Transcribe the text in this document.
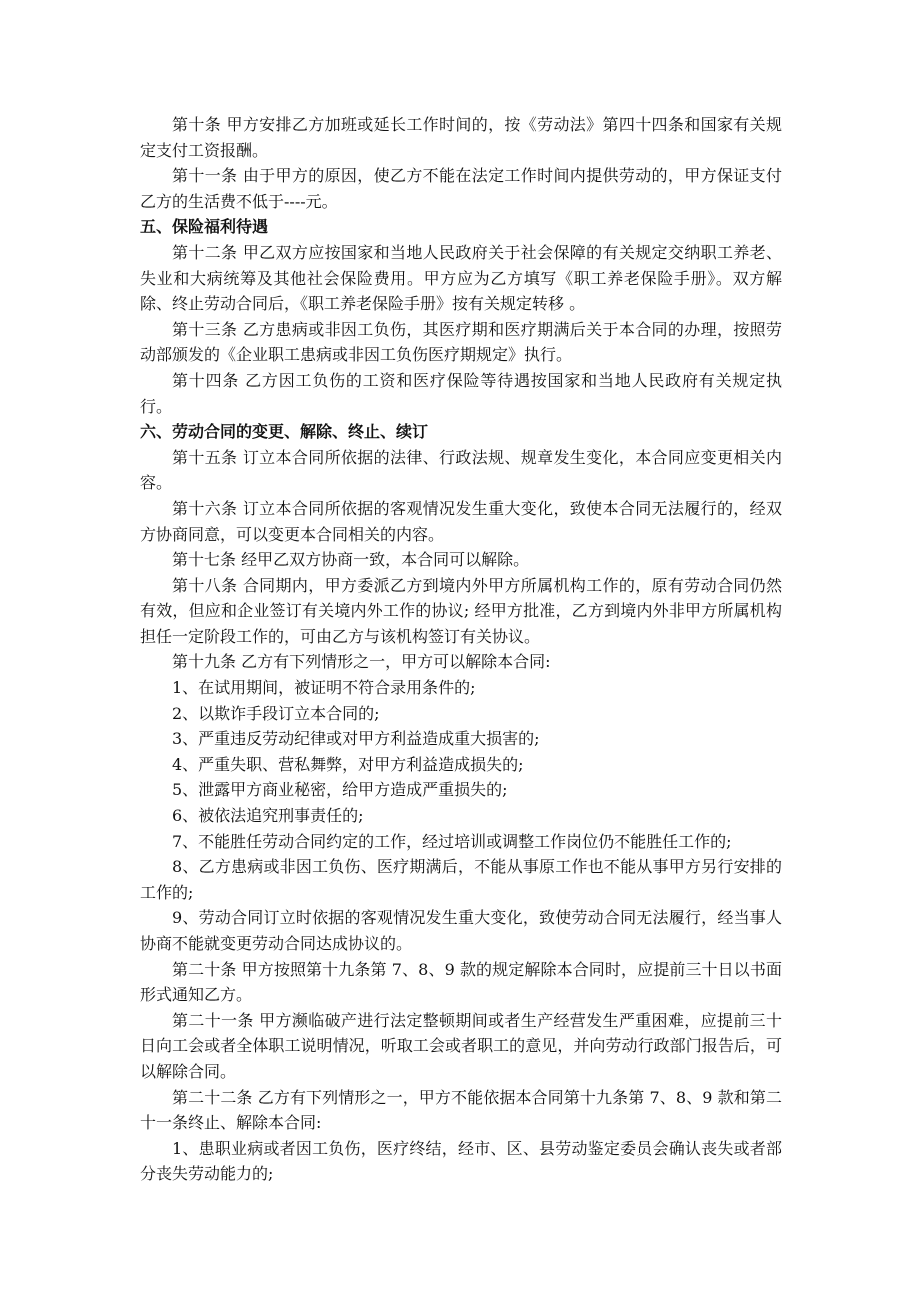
第十条 甲方安排乙方加班或延长工作时间的，按《劳动法》第四十四条和国家有关规定支付工资报酬。

第十一条 由于甲方的原因，使乙方不能在法定工作时间内提供劳动的，甲方保证支付乙方的生活费不低于----元。

五、保险福利待遇

第十二条 甲乙双方应按国家和当地人民政府关于社会保障的有关规定交纳职工养老、失业和大病统筹及其他社会保险费用。甲方应为乙方填写《职工养老保险手册》。双方解除、终止劳动合同后，《职工养老保险手册》按有关规定转移 。

第十三条 乙方患病或非因工负伤，其医疗期和医疗期满后关于本合同的办理，按照劳动部颁发的《企业职工患病或非因工负伤医疗期规定》执行。

第十四条 乙方因工负伤的工资和医疗保险等待遇按国家和当地人民政府有关规定执行。

六、劳动合同的变更、解除、终止、续订

第十五条 订立本合同所依据的法律、行政法规、规章发生变化，本合同应变更相关内容。

第十六条 订立本合同所依据的客观情况发生重大变化，致使本合同无法履行的，经双方协商同意，可以变更本合同相关的内容。

第十七条 经甲乙双方协商一致，本合同可以解除。

第十八条 合同期内，甲方委派乙方到境内外甲方所属机构工作的，原有劳动合同仍然有效，但应和企业签订有关境内外工作的协议; 经甲方批准，乙方到境内外非甲方所属机构担任一定阶段工作的，可由乙方与该机构签订有关协议。

第十九条 乙方有下列情形之一，甲方可以解除本合同:

1、在试用期间，被证明不符合录用条件的;

2、以欺诈手段订立本合同的;

3、严重违反劳动纪律或对甲方利益造成重大损害的;

4、严重失职、营私舞弊，对甲方利益造成损失的;

5、泄露甲方商业秘密，给甲方造成严重损失的;

6、被依法追究刑事责任的;

7、不能胜任劳动合同约定的工作，经过培训或调整工作岗位仍不能胜任工作的;

8、乙方患病或非因工负伤、医疗期满后，不能从事原工作也不能从事甲方另行安排的工作的;

9、劳动合同订立时依据的客观情况发生重大变化，致使劳动合同无法履行，经当事人协商不能就变更劳动合同达成协议的。

第二十条 甲方按照第十九条第 7、8、9 款的规定解除本合同时，应提前三十日以书面形式通知乙方。

第二十一条 甲方濒临破产进行法定整顿期间或者生产经营发生严重困难，应提前三十日向工会或者全体职工说明情况，听取工会或者职工的意见，并向劳动行政部门报告后，可以解除合同。

第二十二条 乙方有下列情形之一，甲方不能依据本合同第十九条第 7、8、9 款和第二十一条终止、解除本合同:

1、患职业病或者因工负伤，医疗终结，经市、区、县劳动鉴定委员会确认丧失或者部分丧失劳动能力的;
